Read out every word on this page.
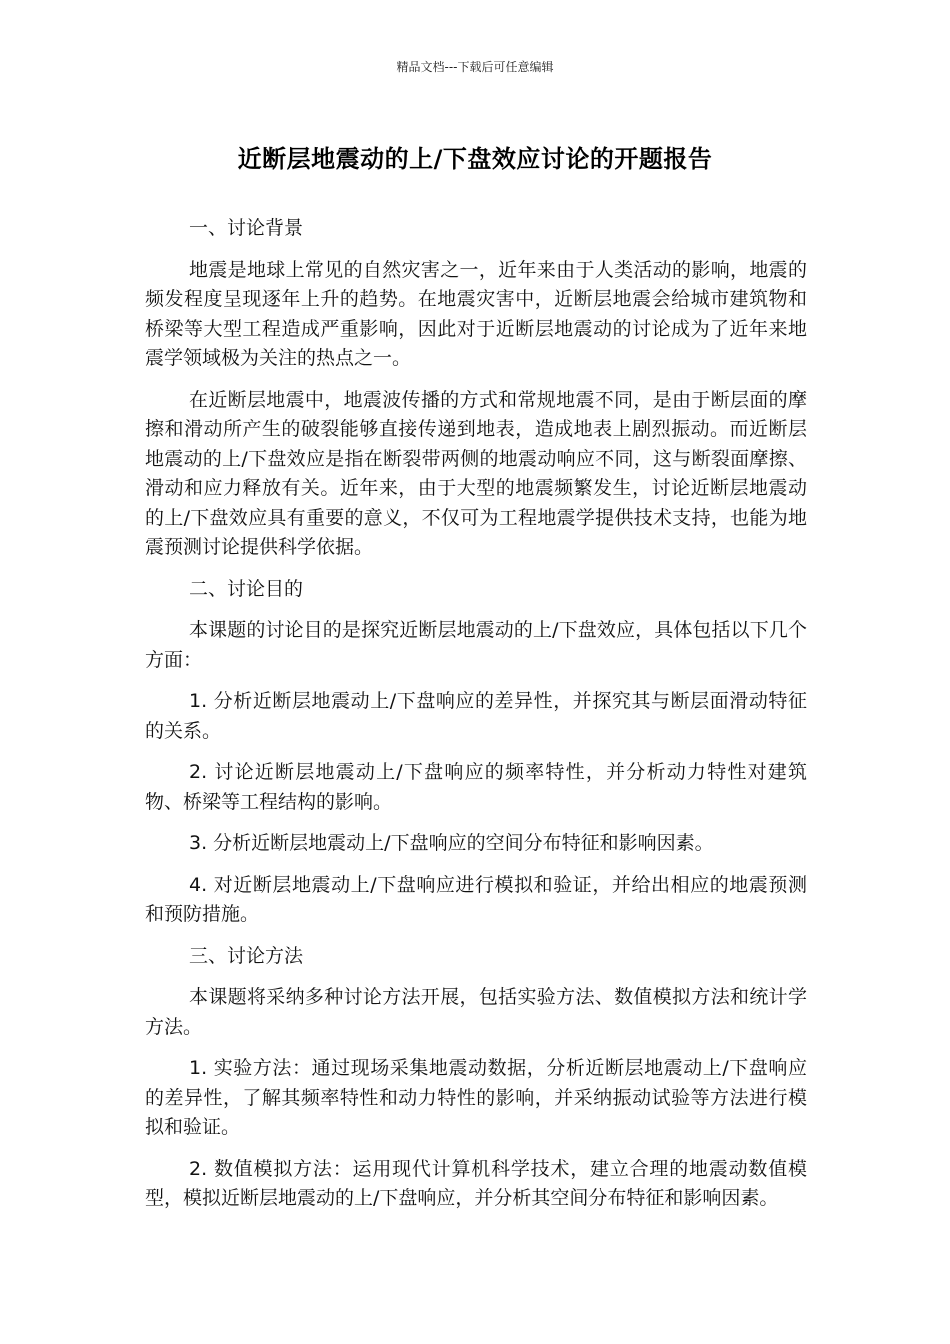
精品文档---下载后可任意编辑
近断层地震动的上/下盘效应讨论的开题报告

一、讨论背景

地震是地球上常见的自然灾害之一，近年来由于人类活动的影响，地震的频发程度呈现逐年上升的趋势。在地震灾害中，近断层地震会给城市建筑物和桥梁等大型工程造成严重影响，因此对于近断层地震动的讨论成为了近年来地震学领域极为关注的热点之一。

在近断层地震中，地震波传播的方式和常规地震不同，是由于断层面的摩擦和滑动所产生的破裂能够直接传递到地表，造成地表上剧烈振动。而近断层地震动的上/下盘效应是指在断裂带两侧的地震动响应不同，这与断裂面摩擦、滑动和应力释放有关。近年来，由于大型的地震频繁发生，讨论近断层地震动的上/下盘效应具有重要的意义，不仅可为工程地震学提供技术支持，也能为地震预测讨论提供科学依据。

二、讨论目的

本课题的讨论目的是探究近断层地震动的上/下盘效应，具体包括以下几个方面：

1. 分析近断层地震动上/下盘响应的差异性，并探究其与断层面滑动特征的关系。

2. 讨论近断层地震动上/下盘响应的频率特性，并分析动力特性对建筑物、桥梁等工程结构的影响。

3. 分析近断层地震动上/下盘响应的空间分布特征和影响因素。

4. 对近断层地震动上/下盘响应进行模拟和验证，并给出相应的地震预测和预防措施。

三、讨论方法

本课题将采纳多种讨论方法开展，包括实验方法、数值模拟方法和统计学方法。

1. 实验方法：通过现场采集地震动数据，分析近断层地震动上/下盘响应的差异性，了解其频率特性和动力特性的影响，并采纳振动试验等方法进行模拟和验证。

2. 数值模拟方法：运用现代计算机科学技术，建立合理的地震动数值模型，模拟近断层地震动的上/下盘响应，并分析其空间分布特征和影响因素。
